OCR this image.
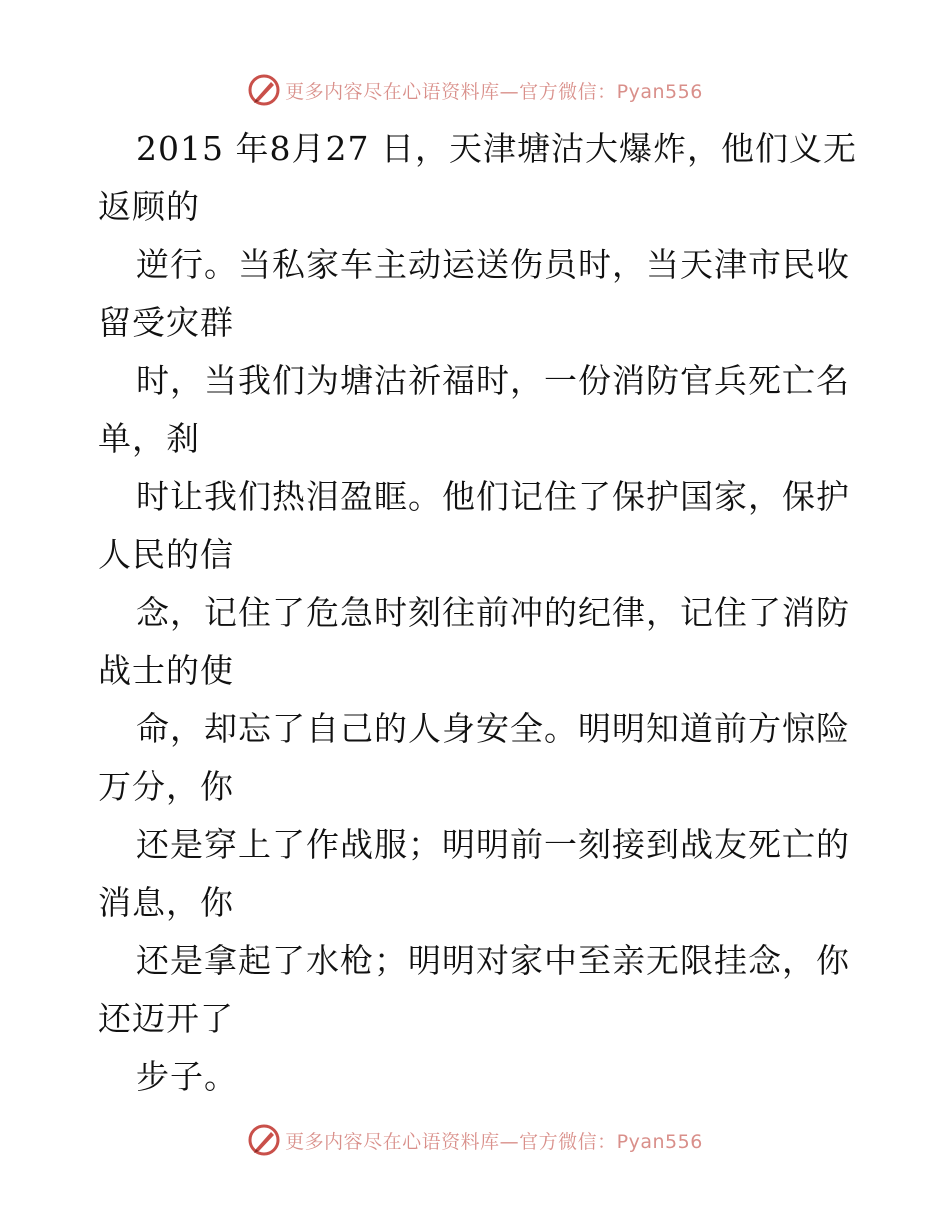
更多内容尽在心语资料库—官方微信：Pyan556
2015 年8月27 日，天津塘沽大爆炸，他们义无
返顾的
逆行。当私家车主动运送伤员时，当天津市民收
留受灾群
时，当我们为塘沽祈福时，一份消防官兵死亡名
单，刹
时让我们热泪盈眶。他们记住了保护国家，保护
人民的信
念，记住了危急时刻往前冲的纪律，记住了消防
战士的使
命，却忘了自己的人身安全。明明知道前方惊险
万分，你
还是穿上了作战服；明明前一刻接到战友死亡的
消息，你
还是拿起了水枪；明明对家中至亲无限挂念，你
还迈开了
步子。
更多内容尽在心语资料库—官方微信：Pyan556
